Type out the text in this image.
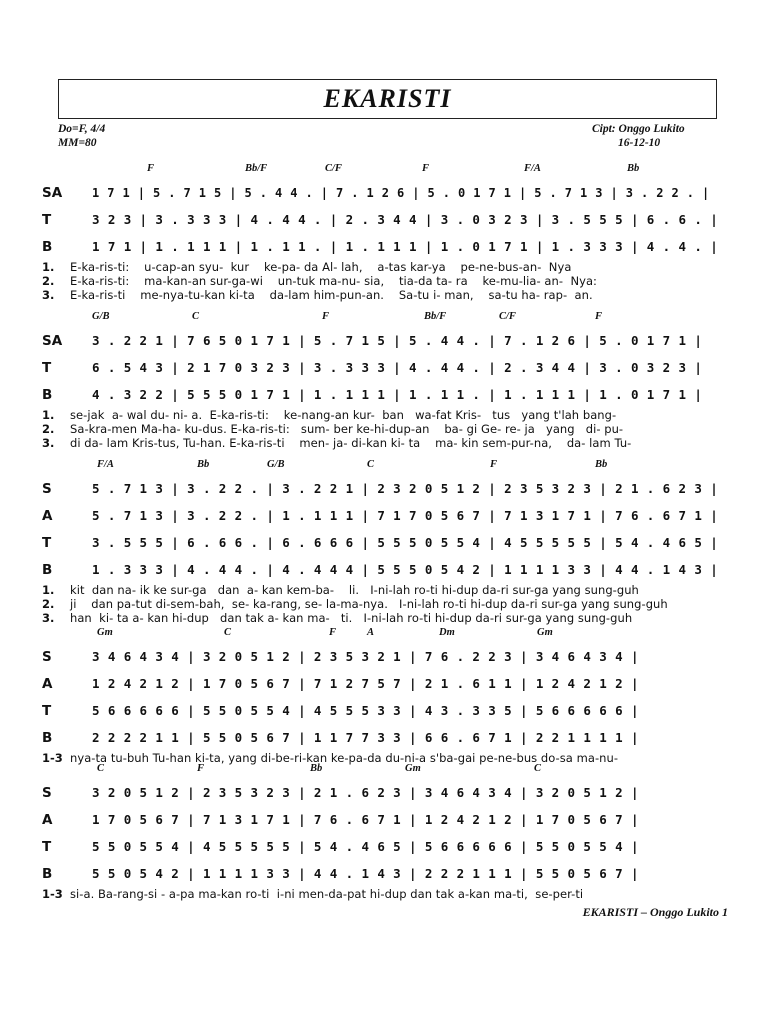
EKARISTI
Do=F, 4/4
MM=80
Cipt: Onggo Lukito
16-12-10
F	Bb/F	C/F	F	F/A	Bb
SA	1 7 1 | 5 . 7 1 5 | 5 . 4 4 . | 7 . 1 2 6 | 5 . 0 1 7 1 | 5 . 7 1 3 | 3 . 2 2 . |
T	3 2 3 | 3 . 3 3 3 | 4 . 4 4 . | 2 . 3 4 4 | 3 . 0 3 2 3 | 3 . 5 5 5 | 6 . 6 . |
B	1 7 1 | 1 . 1 1 1 | 1 . 1 1 . | 1 . 1 1 1 | 1 . 0 1 7 1 | 1 . 3 3 3 | 4 . 4 . |
1.	E-ka-ris-ti:    u-cap-an syu-  kur    ke-pa- da Al- lah,    a-tas kar-ya    pe-ne-bus-an-  Nya
2.	E-ka-ris-ti:    ma-kan-an sur-ga-wi    un-tuk ma-nu- sia,    tia-da ta- ra    ke-mu-lia- an-  Nya:
3.	E-ka-ris-ti    me-nya-tu-kan ki-ta    da-lam him-pun-an.    Sa-tu i- man,    sa-tu ha- rap-  an.
G/B	C	F	Bb/F	C/F	F
SA	3 . 2 2 1 | 7 6 5 0 1 7 1 | 5 . 7 1 5 | 5 . 4 4 . | 7 . 1 2 6 | 5 . 0 1 7 1 |
T	6 . 5 4 3 | 2 1 7 0 3 2 3 | 3 . 3 3 3 | 4 . 4 4 . | 2 . 3 4 4 | 3 . 0 3 2 3 |
B	4 . 3 2 2 | 5 5 5 0 1 7 1 | 1 . 1 1 1 | 1 . 1 1 . | 1 . 1 1 1 | 1 . 0 1 7 1 |
1.	se-jak  a- wal du- ni- a.  E-ka-ris-ti:    ke-nang-an kur-  ban   wa-fat Kris-   tus   yang t'lah bang-
2.	Sa-kra-men Ma-ha- ku-dus. E-ka-ris-ti:   sum- ber ke-hi-dup-an    ba- gi Ge- re- ja   yang   di- pu-
3.	di da- lam Kris-tus, Tu-han. E-ka-ris-ti    men- ja- di-kan ki- ta    ma- kin sem-pur-na,    da- lam Tu-
F/A	Bb	G/B	C	F	Bb
S	5 . 7 1 3 | 3 . 2 2 . | 3 . 2 2 1 | 2 3 2 0 5 1 2 | 2 3 5 3 2 3 | 2 1 . 6 2 3 |
A	5 . 7 1 3 | 3 . 2 2 . | 1 . 1 1 1 | 7 1 7 0 5 6 7 | 7 1 3 1 7 1 | 7 6 . 6 7 1 |
T	3 . 5 5 5 | 6 . 6 6 . | 6 . 6 6 6 | 5 5 5 0 5 5 4 | 4 5 5 5 5 5 | 5 4 . 4 6 5 |
B	1 . 3 3 3 | 4 . 4 4 . | 4 . 4 4 4 | 5 5 5 0 5 4 2 | 1 1 1 1 3 3 | 4 4 . 1 4 3 |
1.	kit  dan na- ik ke sur-ga   dan  a- kan kem-ba-    li.   I-ni-lah ro-ti hi-dup da-ri sur-ga yang sung-guh
2.	ji    dan pa-tut di-sem-bah,  se- ka-rang, se- la-ma-nya.   I-ni-lah ro-ti hi-dup da-ri sur-ga yang sung-guh
3.	han  ki- ta a- kan hi-dup   dan tak a- kan ma-   ti.   I-ni-lah ro-ti hi-dup da-ri sur-ga yang sung-guh
Gm	C	F	A	Dm	Gm
S	3 4 6 4 3 4 | 3 2 0 5 1 2 | 2 3 5 3 2 1 | 7 6 . 2 2 3 | 3 4 6 4 3 4 |
A	1 2 4 2 1 2 | 1 7 0 5 6 7 | 7 1 2 7 5 7 | 2 1 . 6 1 1 | 1 2 4 2 1 2 |
T	5 6 6 6 6 6 | 5 5 0 5 5 4 | 4 5 5 5 3 3 | 4 3 . 3 3 5 | 5 6 6 6 6 6 |
B	2 2 2 2 1 1 | 5 5 0 5 6 7 | 1 1 7 7 3 3 | 6 6 . 6 7 1 | 2 2 1 1 1 1 |
1-3 nya-ta tu-buh Tu-han ki-ta, yang di-be-ri-kan ke-pa-da du-ni-a s'ba-gai pe-ne-bus do-sa ma-nu-
C	F	Bb	Gm	C
S	3 2 0 5 1 2 | 2 3 5 3 2 3 | 2 1 . 6 2 3 | 3 4 6 4 3 4 | 3 2 0 5 1 2 |
A	1 7 0 5 6 7 | 7 1 3 1 7 1 | 7 6 . 6 7 1 | 1 2 4 2 1 2 | 1 7 0 5 6 7 |
T	5 5 0 5 5 4 | 4 5 5 5 5 5 | 5 4 . 4 6 5 | 5 6 6 6 6 6 | 5 5 0 5 5 4 |
B	5 5 0 5 4 2 | 1 1 1 1 3 3 | 4 4 . 1 4 3 | 2 2 2 1 1 1 | 5 5 0 5 6 7 |
1-3 si-a. Ba-rang-si - a-pa ma-kan ro-ti  i-ni men-da-pat hi-dup dan tak a-kan ma-ti,  se-per-ti
EKARISTI – Onggo Lukito 1
